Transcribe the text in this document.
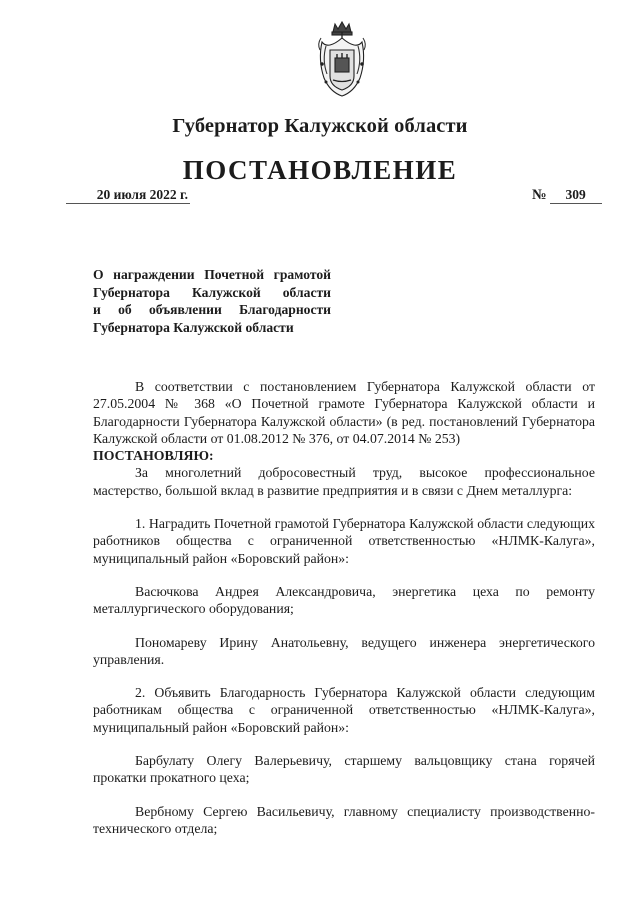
Губернатор Калужской области
ПОСТАНОВЛЕНИЕ
20 июля 2022 г.	№ 309
О награждении Почетной грамотой
Губернатора Калужской области
и об объявлении Благодарности
Губернатора Калужской области

В соответствии с постановлением Губернатора Калужской области от 27.05.2004 № 368 «О Почетной грамоте Губернатора Калужской области и Благодарности Губернатора Калужской области» (в ред. постановлений Губернатора Калужской области от 01.08.2012 № 376, от 04.07.2014 № 253)

ПОСТАНОВЛЯЮ:

За многолетний добросовестный труд, высокое профессиональное мастерство, большой вклад в развитие предприятия и в связи с Днем металлурга:

1. Наградить Почетной грамотой Губернатора Калужской области следующих работников общества с ограниченной ответственностью «НЛМК-Калуга», муниципальный район «Боровский район»:

Васючкова Андрея Александровича, энергетика цеха по ремонту металлургического оборудования;

Пономареву Ирину Анатольевну, ведущего инженера энергетического управления.

2. Объявить Благодарность Губернатора Калужской области следующим работникам общества с ограниченной ответственностью «НЛМК-Калуга», муниципальный район «Боровский район»:

Барбулату Олегу Валерьевичу, старшему вальцовщику стана горячей прокатки прокатного цеха;

Вербному Сергею Васильевичу, главному специалисту производственно-технического отдела;
